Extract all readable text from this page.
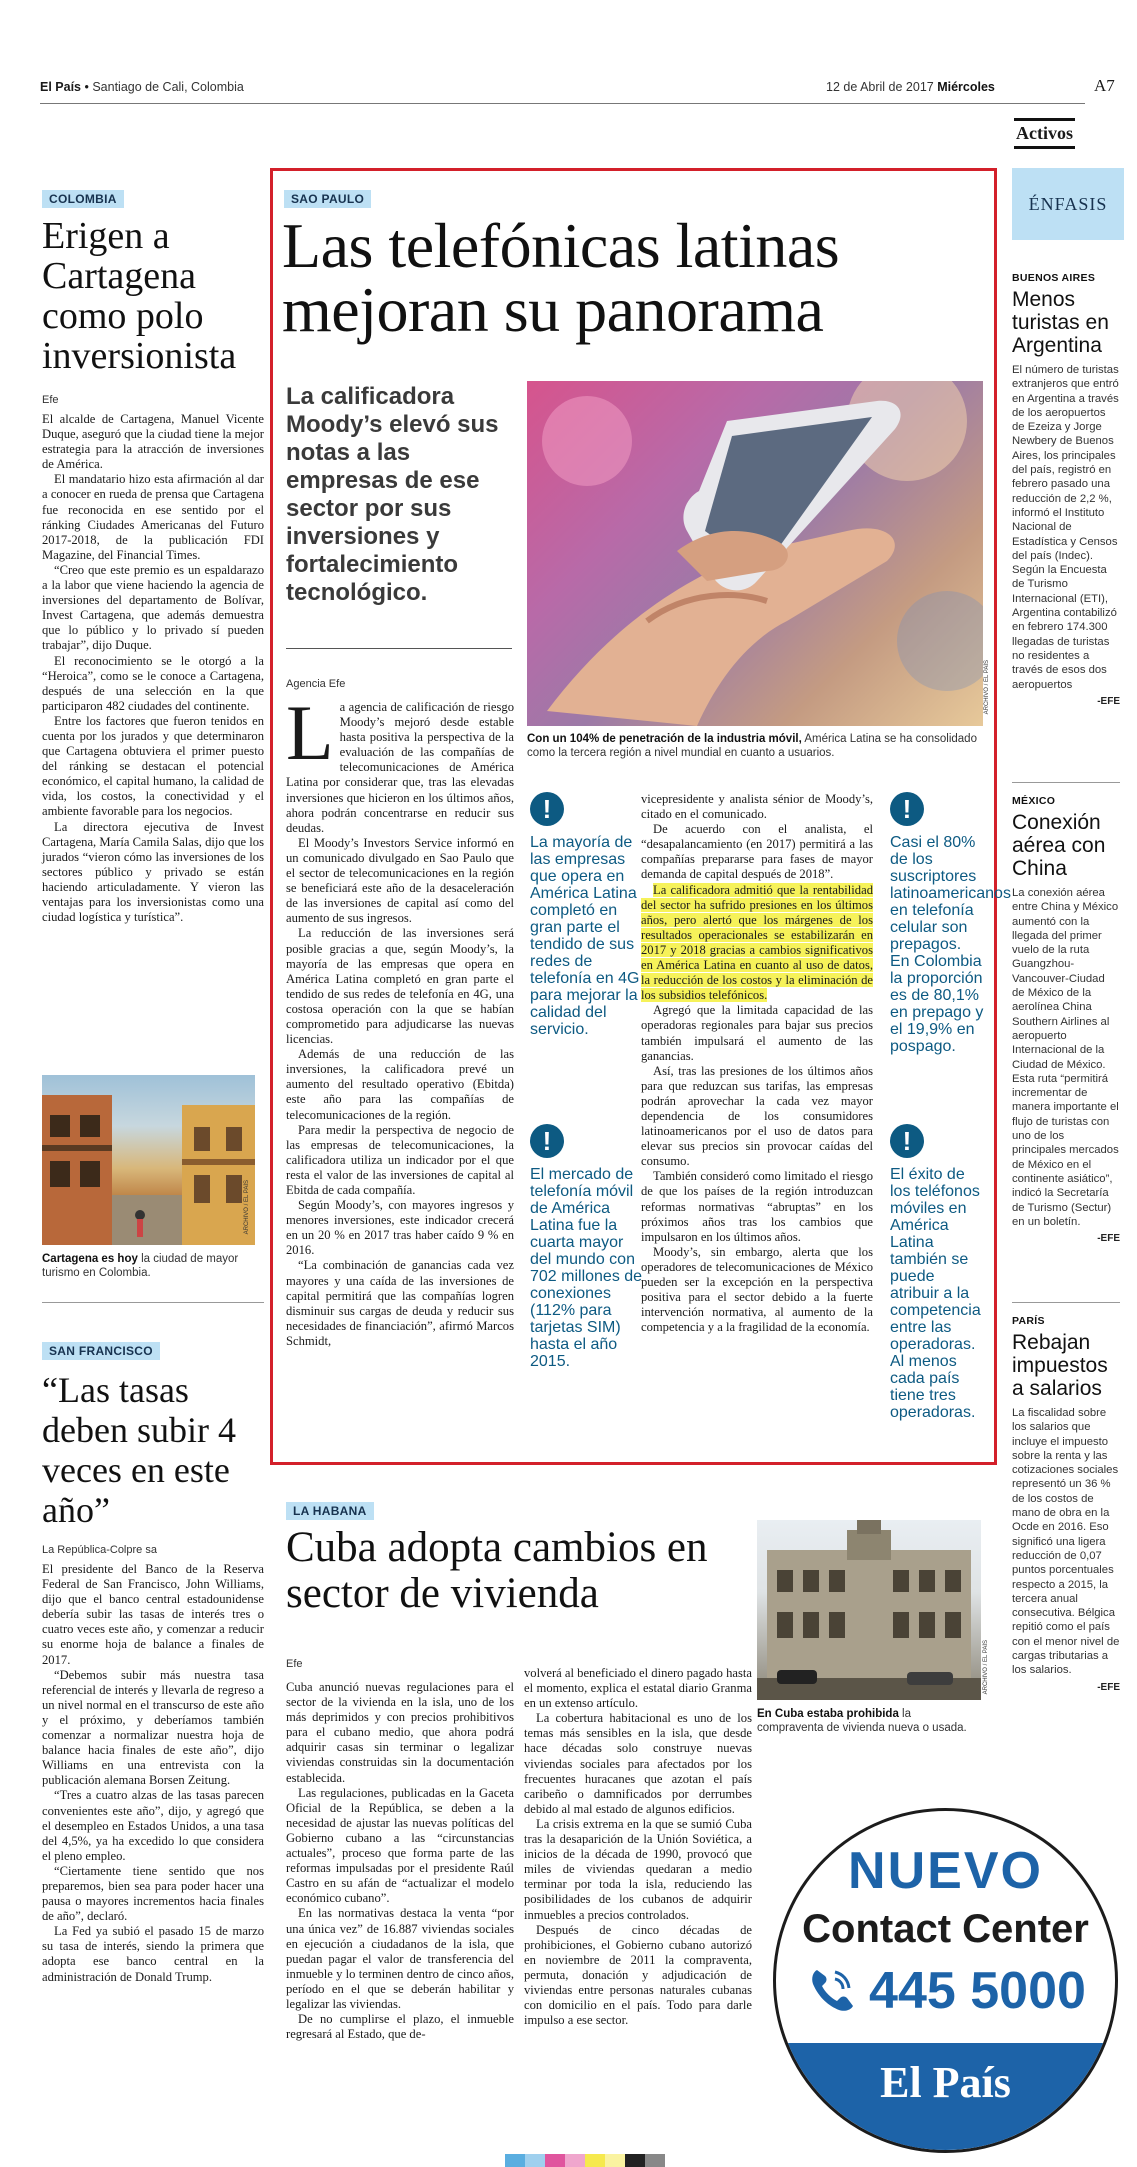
El País • Santiago de Cali, Colombia	12 de Abril de 2017 Miércoles	A7
Activos
COLOMBIA
Erigen a Cartagena como polo inversionista
Efe

El alcalde de Cartagena, Manuel Vicente Duque, aseguró que la ciudad tiene la mejor estrategia para la atracción de inversiones de América.

El mandatario hizo esta afirmación al dar a conocer en rueda de prensa que Cartagena fue reconocida en ese sentido por el ránking Ciudades Americanas del Futuro 2017-2018, de la publicación FDI Magazine, del Financial Times.

“Creo que este premio es un espaldarazo a la labor que viene haciendo la agencia de inversiones del departamento de Bolívar, Invest Cartagena, que además demuestra que lo público y lo privado sí pueden trabajar”, dijo Duque.

El reconocimiento se le otorgó a la “Heroica”, como se le conoce a Cartagena, después de una selección en la que participaron 482 ciudades del continente.

Entre los factores que fueron tenidos en cuenta por los jurados y que determinaron que Cartagena obtuviera el primer puesto del ránking se destacan el potencial económico, el capital humano, la calidad de vida, los costos, la conectividad y el ambiente favorable para los negocios.

La directora ejecutiva de Invest Cartagena, María Camila Salas, dijo que los jurados “vieron cómo las inversiones de los sectores público y privado se están haciendo articuladamente. Y vieron las ventajas para los inversionistas como una ciudad logística y turística”.

ARCHIVO / EL PAÍS
Cartagena es hoy la ciudad de mayor turismo en Colombia.
SAN FRANCISCO
“Las tasas deben subir 4 veces en este año”
La República-Colpre sa

El presidente del Banco de la Reserva Federal de San Francisco, John Williams, dijo que el banco central estadounidense debería subir las tasas de interés tres o cuatro veces este año, y comenzar a reducir su enorme hoja de balance a finales de 2017.

“Debemos subir más nuestra tasa referencial de interés y llevarla de regreso a un nivel normal en el transcurso de este año y el próximo, y deberíamos también comenzar a normalizar nuestra hoja de balance hacia finales de este año”, dijo Williams en una entrevista con la publicación alemana Borsen Zeitung.

“Tres a cuatro alzas de las tasas parecen convenientes este año”, dijo, y agregó que el desempleo en Estados Unidos, a una tasa del 4,5%, ya ha excedido lo que considera el pleno empleo.

“Ciertamente tiene sentido que nos preparemos, bien sea para poder hacer una pausa o mayores incrementos hacia finales de año”, declaró.

La Fed ya subió el pasado 15 de marzo su tasa de interés, siendo la primera que adopta ese banco central en la administración de Donald Trump.

SAO PAULO
Las telefónicas latinas mejoran su panorama
La calificadora Moody’s elevó sus notas a las empresas de ese sector por sus inversiones y fortalecimiento tecnológico.
Agencia Efe	ARCHIVO / EL PAÍS
Con un 104% de penetración de la industria móvil, América Latina se ha consolidado como la tercera región a nivel mundial en cuanto a usuarios.
L a agencia de calificación de riesgo Moody’s mejoró desde estable hasta positiva la perspectiva de la evaluación de las compañías de telecomunicaciones de América Latina por considerar que, tras las elevadas inversiones que hicieron en los últimos años, ahora podrán concentrarse en reducir sus deudas.

El Moody’s Investors Service informó en un comunicado divulgado en Sao Paulo que el sector de telecomunicaciones en la región se beneficiará este año de la desaceleración de las inversiones de capital así como del aumento de sus ingresos.

La reducción de las inversiones será posible gracias a que, según Moody’s, la mayoría de las empresas que opera en América Latina completó en gran parte el tendido de sus redes de telefonía en 4G, una costosa operación con la que se habían comprometido para adjudicarse las nuevas licencias.

Además de una reducción de las inversiones, la calificadora prevé un aumento del resultado operativo (Ebitda) este año para las compañías de telecomunicaciones de la región.

Para medir la perspectiva de negocio de las empresas de telecomunicaciones, la calificadora utiliza un indicador por el que resta el valor de las inversiones de capital al Ebitda de cada compañía.

Según Moody’s, con mayores ingresos y menores inversiones, este indicador crecerá en un 20 % en 2017 tras haber caído 9 % en 2016.

“La combinación de ganancias cada vez mayores y una caída de las inversiones de capital permitirá que las compañías logren disminuir sus cargas de deuda y reducir sus necesidades de financiación”, afirmó Marcos Schmidt,

!
La mayoría de las empresas que opera en América Latina completó en gran parte el tendido de sus redes de telefonía en 4G para mejorar la calidad del servicio.
!
El mercado de telefonía móvil de América Latina fue la cuarta mayor del mundo con 702 millones de conexiones (112% para tarjetas SIM) hasta el año 2015.

vicepresidente y analista sénior de Moody’s, citado en el comunicado.

De acuerdo con el analista, el “desapalancamiento (en 2017) permitirá a las compañías prepararse para fases de mayor demanda de capital después de 2018”.

La calificadora admitió que la rentabilidad del sector ha sufrido presiones en los últimos años, pero alertó que los márgenes de los resultados operacionales se estabilizarán en 2017 y 2018 gracias a cambios significativos en América Latina en cuanto al uso de datos, la reducción de los costos y la eliminación de los subsidios telefónicos.

Agregó que la limitada capacidad de las operadoras regionales para bajar sus precios también impulsará el aumento de las ganancias.

Así, tras las presiones de los últimos años para que reduzcan sus tarifas, las empresas podrán aprovechar la cada vez mayor dependencia de los consumidores latinoamericanos por el uso de datos para elevar sus precios sin provocar caídas del consumo.

También consideró como limitado el riesgo de que los países de la región introduzcan reformas normativas “abruptas” en los próximos años tras los cambios que impulsaron en los últimos años.

Moody’s, sin embargo, alerta que los operadores de telecomunicaciones de México pueden ser la excepción en la perspectiva positiva para el sector debido a la fuerte intervención normativa, al aumento de la competencia y a la fragilidad de la economía.

!
Casi el 80% de los suscriptores latinoamericanos en telefonía celular son prepagos. En Colombia la proporción es de 80,1% en prepago y el 19,9% en pospago.
!
El éxito de los teléfonos móviles en América Latina también se puede atribuir a la competencia entre las operadoras. Al menos cada país tiene tres operadoras.
LA HABANA
Cuba adopta cambios en sector de vivienda
Efe

Cuba anunció nuevas regulaciones para el sector de la vivienda en la isla, uno de los más deprimidos y con precios prohibitivos para el cubano medio, que ahora podrá adquirir casas sin terminar o legalizar viviendas construidas sin la documentación establecida.

Las regulaciones, publicadas en la Gaceta Oficial de la República, se deben a la necesidad de ajustar las nuevas políticas del Gobierno cubano a las “circunstancias actuales”, proceso que forma parte de las reformas impulsadas por el presidente Raúl Castro en su afán de “actualizar el modelo económico cubano”.

En las normativas destaca la venta “por una única vez” de 16.887 viviendas sociales en ejecución a ciudadanos de la isla, que puedan pagar el valor de transferencia del inmueble y lo terminen dentro de cinco años, período en el que se deberán habilitar y legalizar las viviendas.

De no cumplirse el plazo, el inmueble regresará al Estado, que de-

volverá al beneficiado el dinero pagado hasta el momento, explica el estatal diario Granma en un extenso artículo.

La cobertura habitacional es uno de los temas más sensibles en la isla, que desde hace décadas solo construye nuevas viviendas sociales para afectados por los frecuentes huracanes que azotan el país caribeño o damnificados por derrumbes debido al mal estado de algunos edificios.

La crisis extrema en la que se sumió Cuba tras la desaparición de la Unión Soviética, a inicios de la década de 1990, provocó que miles de viviendas quedaran a medio terminar por toda la isla, reduciendo las posibilidades de los cubanos de adquirir inmuebles a precios controlados.

Después de cinco décadas de prohibiciones, el Gobierno cubano autorizó en noviembre de 2011 la compraventa, permuta, donación y adjudicación de viviendas entre personas naturales cubanas con domicilio en el país. Todo para darle impulso a ese sector.

ARCHIVO / EL PAÍS
En Cuba estaba prohibida la compraventa de vivienda nueva o usada.
ÉNFASIS
BUENOS AIRES
Menos turistas en Argentina
El número de turistas extranjeros que entró en Argentina a través de los aeropuertos de Ezeiza y Jorge Newbery de Buenos Aires, los principales del país, registró en febrero pasado una reducción de 2,2 %, informó el Instituto Nacional de Estadística y Censos del país (Indec). Según la Encuesta de Turismo Internacional (ETI), Argentina contabilizó en febrero 174.300 llegadas de turistas no residentes a través de esos dos aeropuertos
-EFE
MÉXICO
Conexión aérea con China
La conexión aérea entre China y México aumentó con la llegada del primer vuelo de la ruta Guangzhou-Vancouver-Ciudad de México de la aerolínea China Southern Airlines al aeropuerto Internacional de la Ciudad de México. Esta ruta “permitirá incrementar de manera importante el flujo de turistas con uno de los principales mercados de México en el continente asiático”, indicó la Secretaría de Turismo (Sectur) en un boletín.
-EFE
PARÍS
Rebajan impuestos a salarios
La fiscalidad sobre los salarios que incluye el impuesto sobre la renta y las cotizaciones sociales representó un 36 % de los costos de mano de obra en la Ocde en 2016. Eso significó una ligera reducción de 0,07 puntos porcentuales respecto a 2015, la tercera anual consecutiva. Bélgica repitió como el país con el menor nivel de cargas tributarias a los salarios.
-EFE
NUEVO
Contact Center
445 5000
El País
